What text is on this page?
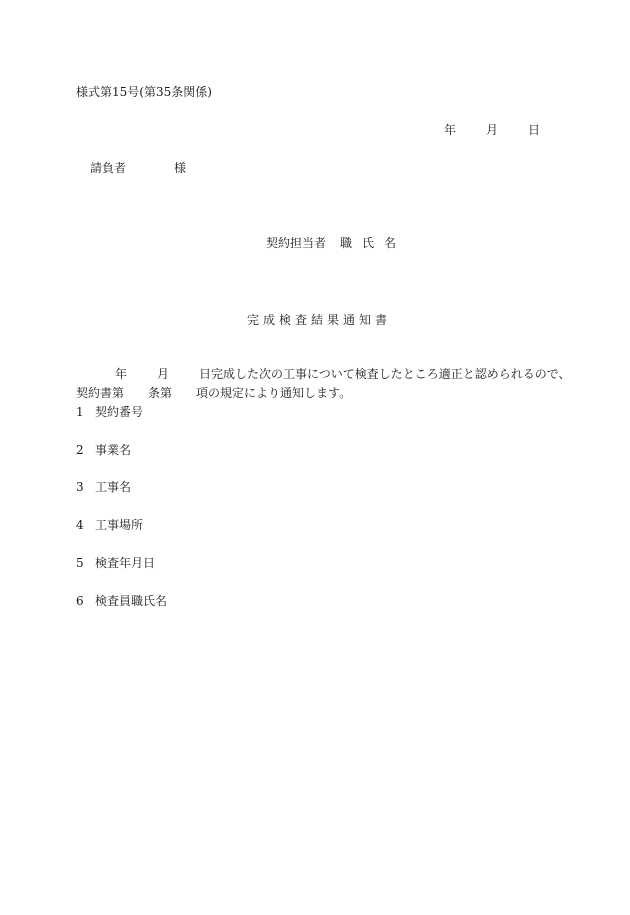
様式第15号(第35条関係)
年	月	日
請負者	様
契約担当者 職 氏 名
完成検査結果通知書
年	月	日完成した次の工事について検査したところ適正と認められるので、
契約書第 条第 項の規定により通知します。
1 契約番号
2 事業名
3 工事名
4 工事場所
5 検査年月日
6 検査員職氏名
